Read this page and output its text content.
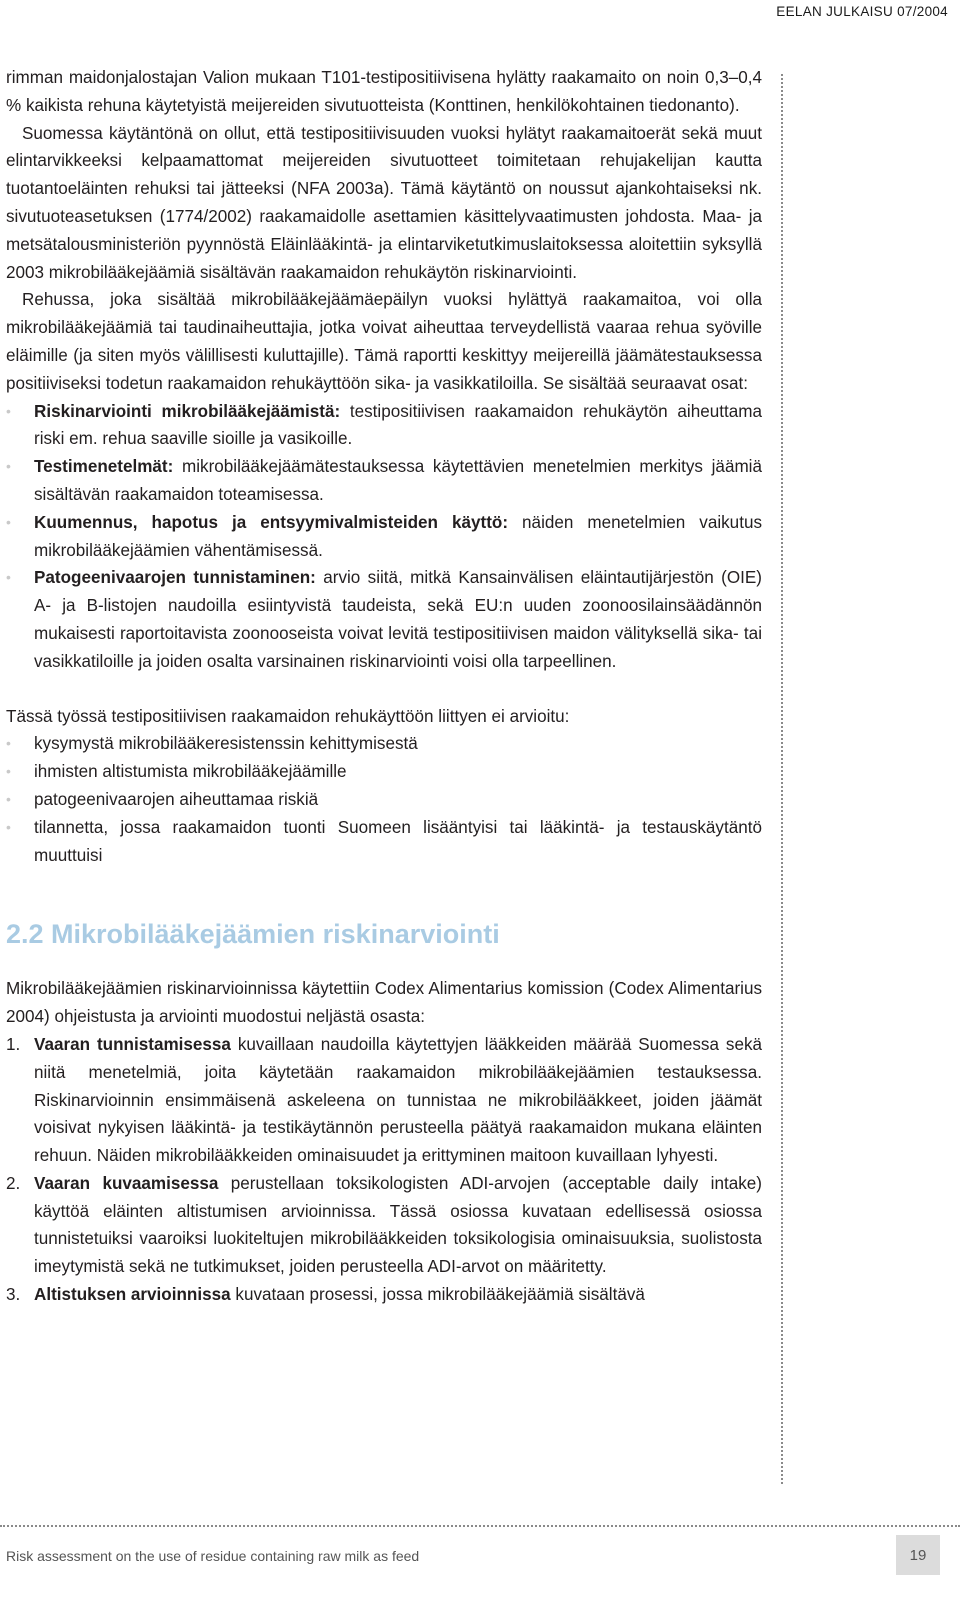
EELAN JULKAISU 07/2004

rimman maidonjalostajan Valion mukaan T101-testipositiivisena hylätty raakamaito on noin 0,3–0,4 % kaikista rehuna käytetyistä meijereiden sivutuotteista (Konttinen, henkilökohtainen tiedonanto).

Suomessa käytäntönä on ollut, että testipositiivisuuden vuoksi hylätyt raakamaitoerät sekä muut elintarvikkeeksi kelpaamattomat meijereiden sivutuotteet toimitetaan rehujakelijan kautta tuotantoeläinten rehuksi tai jätteeksi (NFA 2003a). Tämä käytäntö on noussut ajankohtaiseksi nk. sivutuoteasetuksen (1774/2002) raakamaidolle asettamien käsittelyvaatimusten johdosta. Maa- ja metsätalousministeriön pyynnöstä Eläinlääkintä- ja elintarviketutkimuslaitoksessa aloitettiin syksyllä 2003 mikrobilääkejäämiä sisältävän raakamaidon rehukäytön riskinarviointi.

Rehussa, joka sisältää mikrobilääkejäämäepäilyn vuoksi hylättyä raakamaitoa, voi olla mikrobilääkejäämiä tai taudinaiheuttajia, jotka voivat aiheuttaa terveydellistä vaaraa rehua syöville eläimille (ja siten myös välillisesti kuluttajille). Tämä raportti keskittyy meijereillä jäämätestauksessa positiiviseksi todetun raakamaidon rehukäyttöön sika- ja vasikkatiloilla. Se sisältää seuraavat osat:

• Riskinarviointi mikrobilääkejäämistä: testipositiivisen raakamaidon rehukäytön aiheuttama riski em. rehua saaville sioille ja vasikoille.
• Testimenetelmät: mikrobilääkejäämätestauksessa käytettävien menetelmien merkitys jäämiä sisältävän raakamaidon toteamisessa.
• Kuumennus, hapotus ja entsyymivalmisteiden käyttö: näiden menetelmien vaikutus mikrobilääkejäämien vähentämisessä.
• Patogeenivaarojen tunnistaminen: arvio siitä, mitkä Kansainvälisen eläintautijärjestön (OIE) A- ja B-listojen naudoilla esiintyvistä taudeista, sekä EU:n uuden zoonoosilainsäädännön mukaisesti raportoitavista zoonooseista voivat levitä testipositiivisen maidon välityksellä sika- tai vasikkatiloille ja joiden osalta varsinainen riskinarviointi voisi olla tarpeellinen.

Tässä työssä testipositiivisen raakamaidon rehukäyttöön liittyen ei arvioitu:

• kysymystä mikrobilääkeresistenssin kehittymisestä
• ihmisten altistumista mikrobilääkejäämille
• patogeenivaarojen aiheuttamaa riskiä
• tilannetta, jossa raakamaidon tuonti Suomeen lisääntyisi tai lääkintä- ja testauskäytäntö muuttuisi
2.2 Mikrobilääkejäämien riskinarviointi

Mikrobilääkejäämien riskinarvioinnissa käytettiin Codex Alimentarius komission (Codex Alimentarius 2004) ohjeistusta ja arviointi muodostui neljästä osasta:

1. Vaaran tunnistamisessa kuvaillaan naudoilla käytettyjen lääkkeiden määrää Suomessa sekä niitä menetelmiä, joita käytetään raakamaidon mikrobilääkejäämien testauksessa. Riskinarvioinnin ensimmäisenä askeleena on tunnistaa ne mikrobilääkkeet, joiden jäämät voisivat nykyisen lääkintä- ja testikäytännön perusteella päätyä raakamaidon mukana eläinten rehuun. Näiden mikrobilääkkeiden ominaisuudet ja erittyminen maitoon kuvaillaan lyhyesti.
2. Vaaran kuvaamisessa perustellaan toksikologisten ADI-arvojen (acceptable daily intake) käyttöä eläinten altistumisen arvioinnissa. Tässä osiossa kuvataan edellisessä osiossa tunnistetuiksi vaaroiksi luokiteltujen mikrobilääkkeiden toksikologisia ominaisuuksia, suolistosta imeytymistä sekä ne tutkimukset, joiden perusteella ADI-arvot on määritetty.
3. Altistuksen arvioinnissa kuvataan prosessi, jossa mikrobilääkejäämiä sisältävä
Risk assessment on the use of residue containing raw milk as feed	19
